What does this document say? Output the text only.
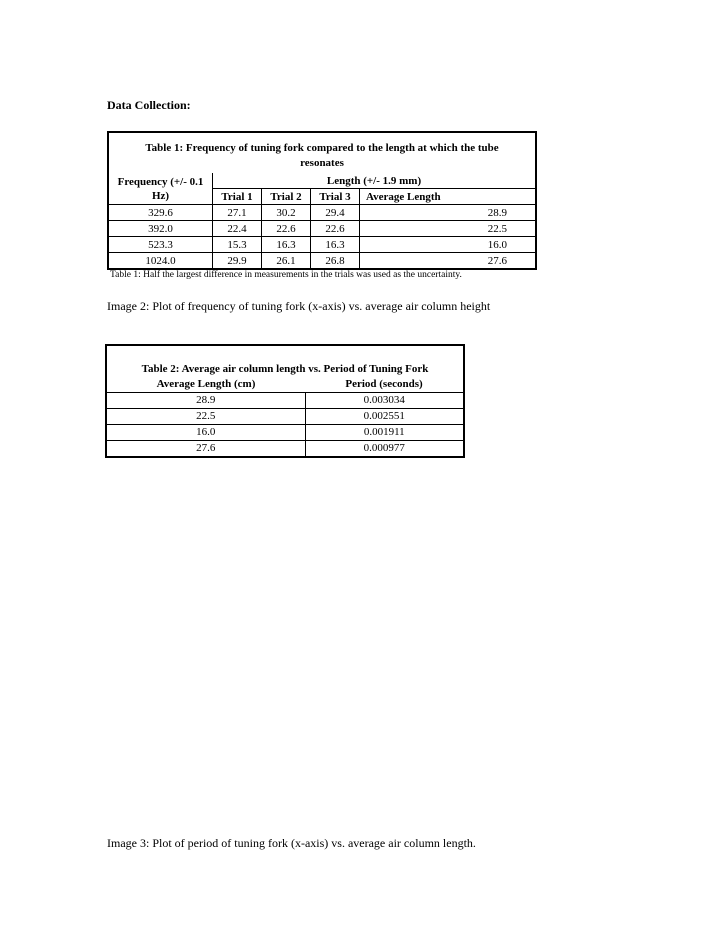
Data Collection:
Table 1: Frequency of tuning fork compared to the length at which the tube resonates				
Frequency (+/- 0.1 Hz)	Length (+/- 1.9 mm)			
	Trial 1	Trial 2	Trial 3	Average Length
329.6	27.1	30.2	29.4	28.9
392.0	22.4	22.6	22.6	22.5
523.3	15.3	16.3	16.3	16.0
1024.0	29.9	26.1	26.8	27.6
Table 1: Half the largest difference in measurements in the trials was used as the uncertainty.
Image 2: Plot of frequency of tuning fork (x-axis) vs. average air column height
Table 2: Average air column length vs. Period of Tuning Fork	
Average Length (cm)	Period (seconds)
28.9	0.003034
22.5	0.002551
16.0	0.001911
27.6	0.000977
Image 3: Plot of period of tuning fork (x-axis) vs. average air column length.
